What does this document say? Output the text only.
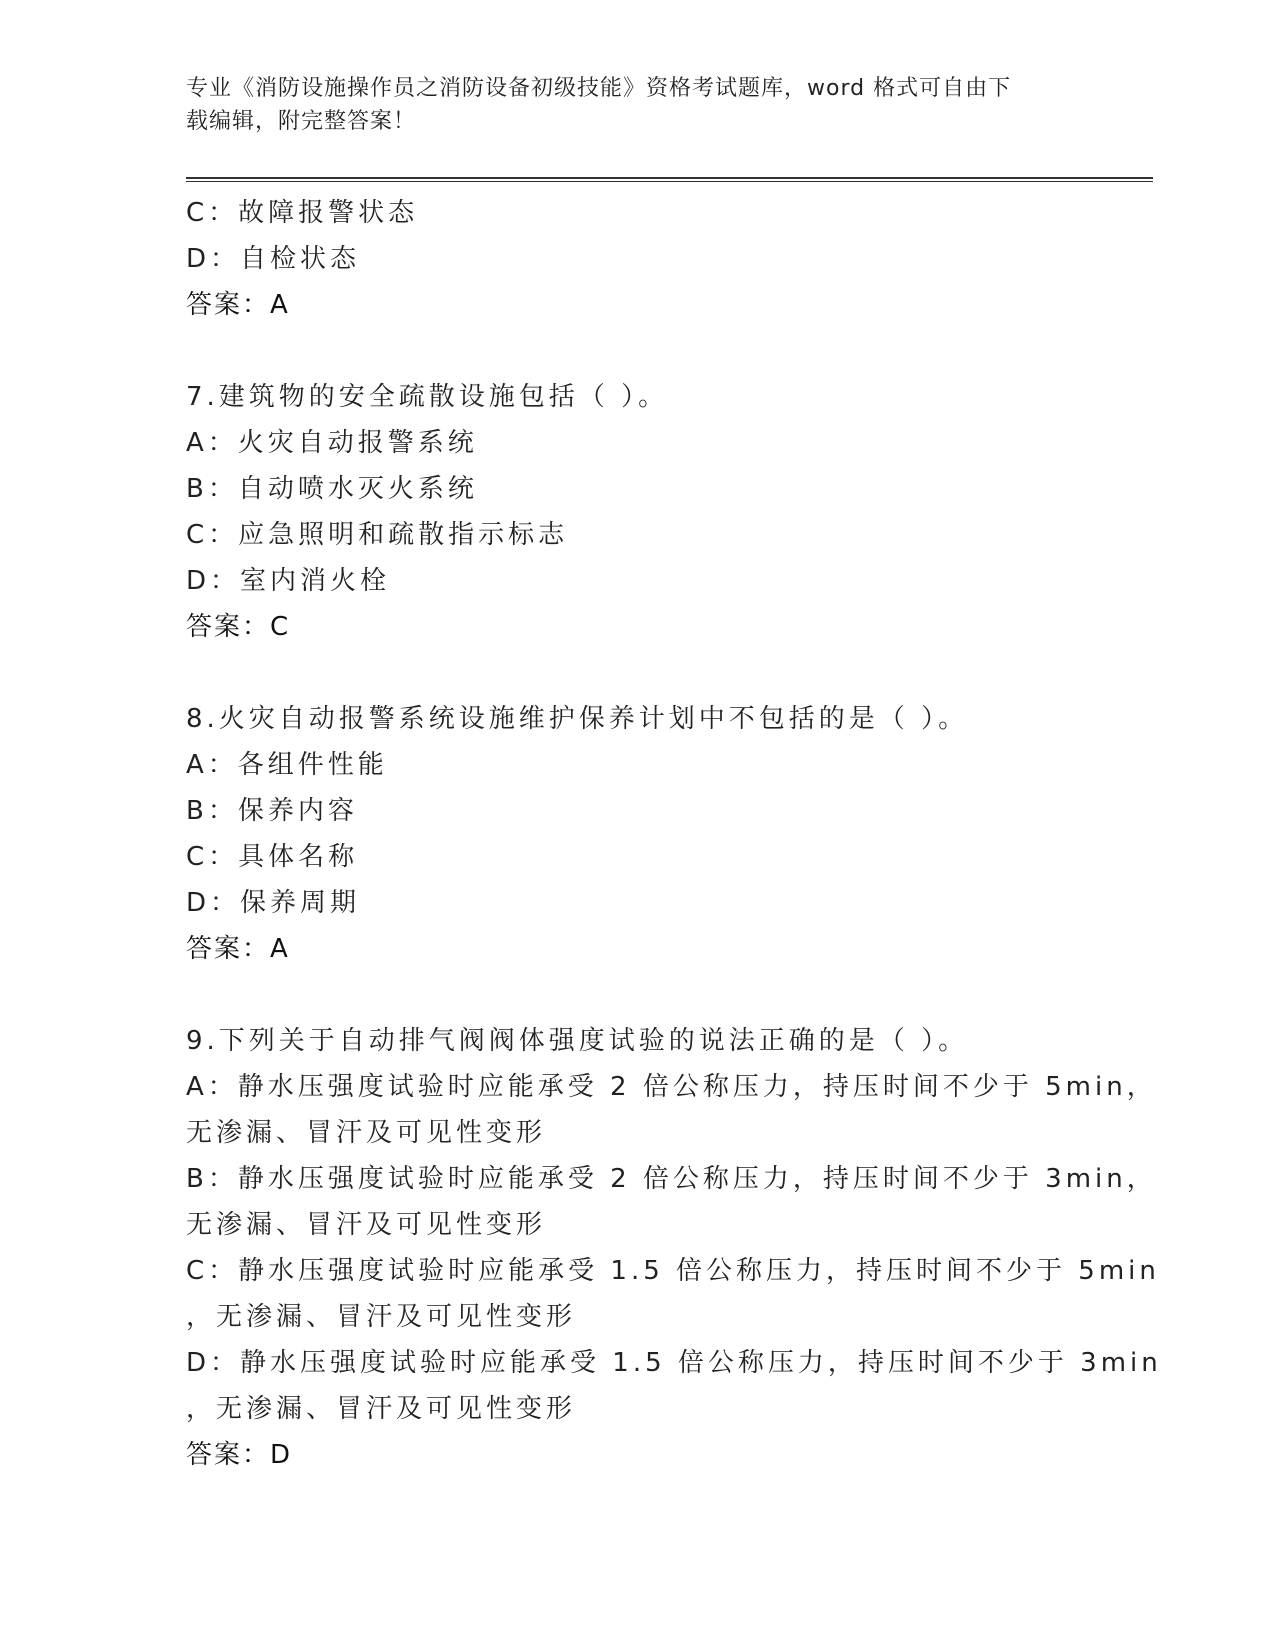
专业《消防设施操作员之消防设备初级技能》资格考试题库，word 格式可自由下
载编辑，附完整答案！
C：故障报警状态
D：自检状态
答案：A
7.建筑物的安全疏散设施包括（ ）。
A：火灾自动报警系统
B：自动喷水灭火系统
C：应急照明和疏散指示标志
D：室内消火栓
答案：C
8.火灾自动报警系统设施维护保养计划中不包括的是（ ）。
A：各组件性能
B：保养内容
C：具体名称
D：保养周期
答案：A
9.下列关于自动排气阀阀体强度试验的说法正确的是（ ）。
A：静水压强度试验时应能承受 2 倍公称压力，持压时间不少于 5min，
无渗漏、冒汗及可见性变形
B：静水压强度试验时应能承受 2 倍公称压力，持压时间不少于 3min，
无渗漏、冒汗及可见性变形
C：静水压强度试验时应能承受 1.5 倍公称压力，持压时间不少于 5min
，无渗漏、冒汗及可见性变形
D：静水压强度试验时应能承受 1.5 倍公称压力，持压时间不少于 3min
，无渗漏、冒汗及可见性变形
答案：D
